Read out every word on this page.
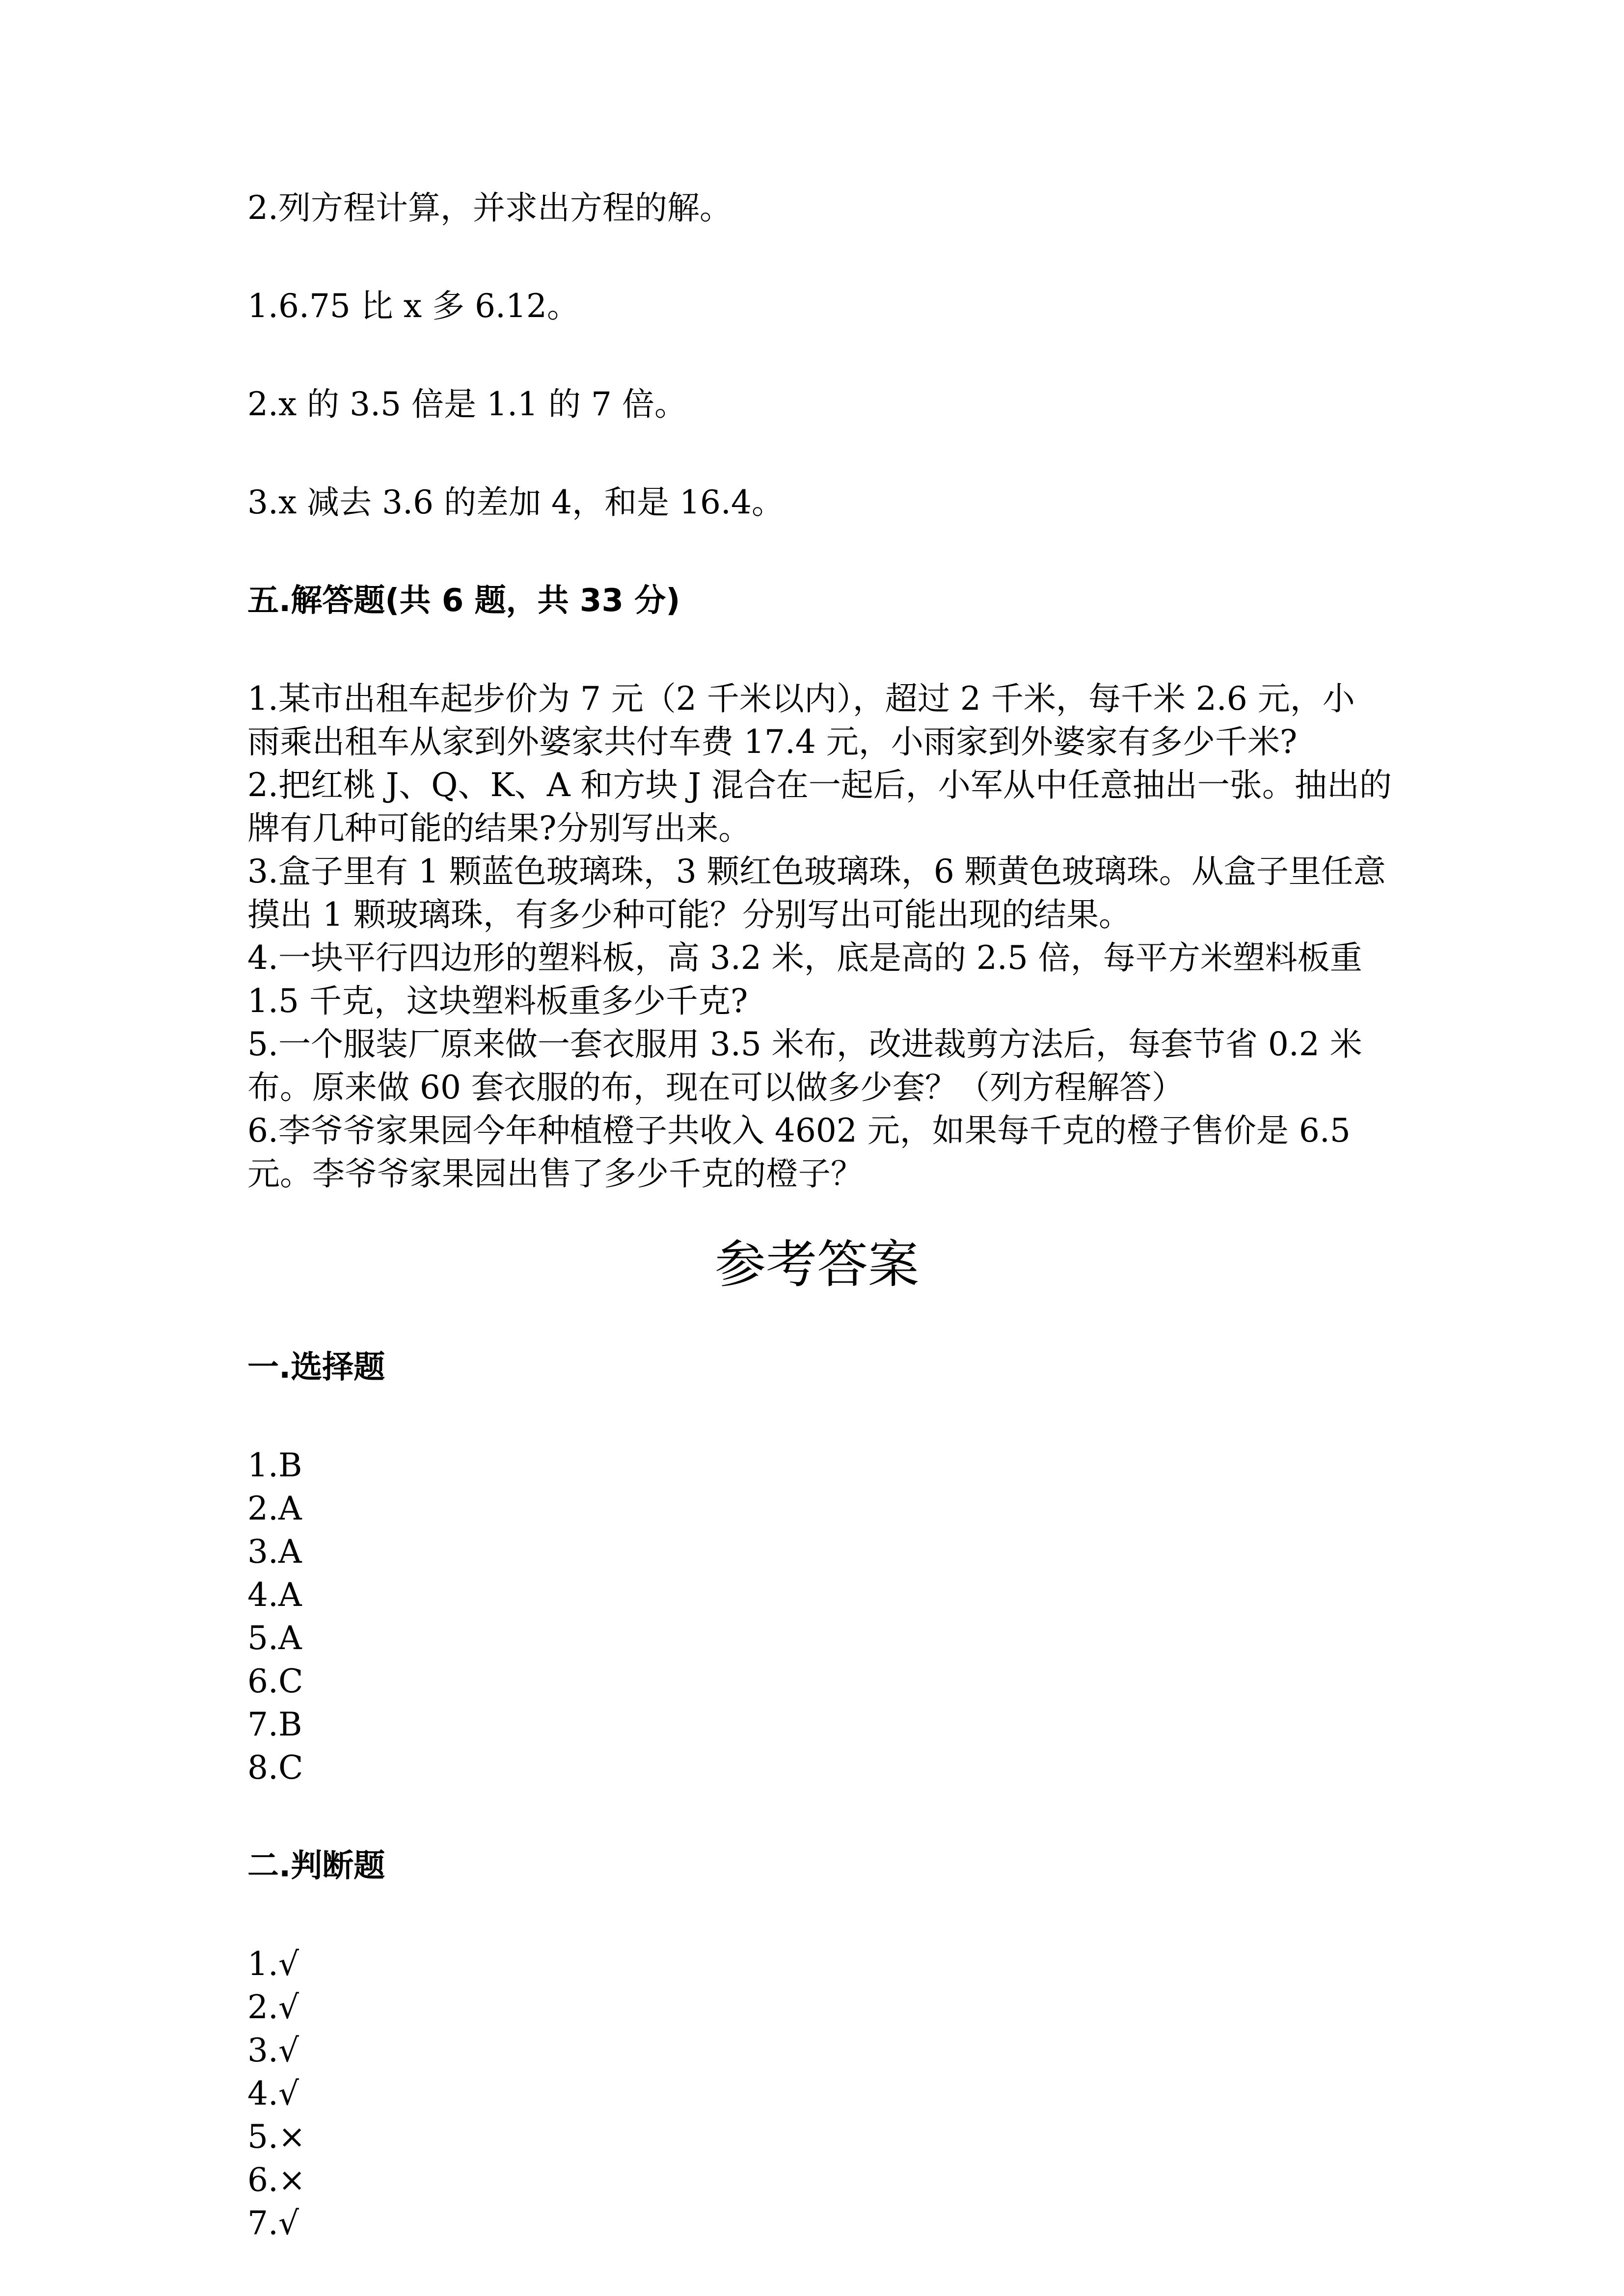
2.列方程计算，并求出方程的解。
1.6.75 比 x 多 6.12。
2.x 的 3.5 倍是 1.1 的 7 倍。
3.x 减去 3.6 的差加 4，和是 16.4。
五.解答题(共 6 题，共 33 分)
1.某市出租车起步价为 7 元（2 千米以内），超过 2 千米，每千米 2.6 元，小
雨乘出租车从家到外婆家共付车费 17.4 元，小雨家到外婆家有多少千米?
2.把红桃 J、Q、K、A 和方块 J 混合在一起后，小军从中任意抽出一张。抽出的
牌有几种可能的结果?分别写出来。
3.盒子里有 1 颗蓝色玻璃珠，3 颗红色玻璃珠，6 颗黄色玻璃珠。从盒子里任意
摸出 1 颗玻璃珠，有多少种可能？分别写出可能出现的结果。
4.一块平行四边形的塑料板，高 3.2 米，底是高的 2.5 倍，每平方米塑料板重
1.5 千克，这块塑料板重多少千克?
5.一个服装厂原来做一套衣服用 3.5 米布，改进裁剪方法后，每套节省 0.2 米
布。原来做 60 套衣服的布，现在可以做多少套？（列方程解答）
6.李爷爷家果园今年种植橙子共收入 4602 元，如果每千克的橙子售价是 6.5
元。李爷爷家果园出售了多少千克的橙子？
参考答案
一.选择题
1.B
2.A
3.A
4.A
5.A
6.C
7.B
8.C
二.判断题
1.√
2.√
3.√
4.√
5.×
6.×
7.√
